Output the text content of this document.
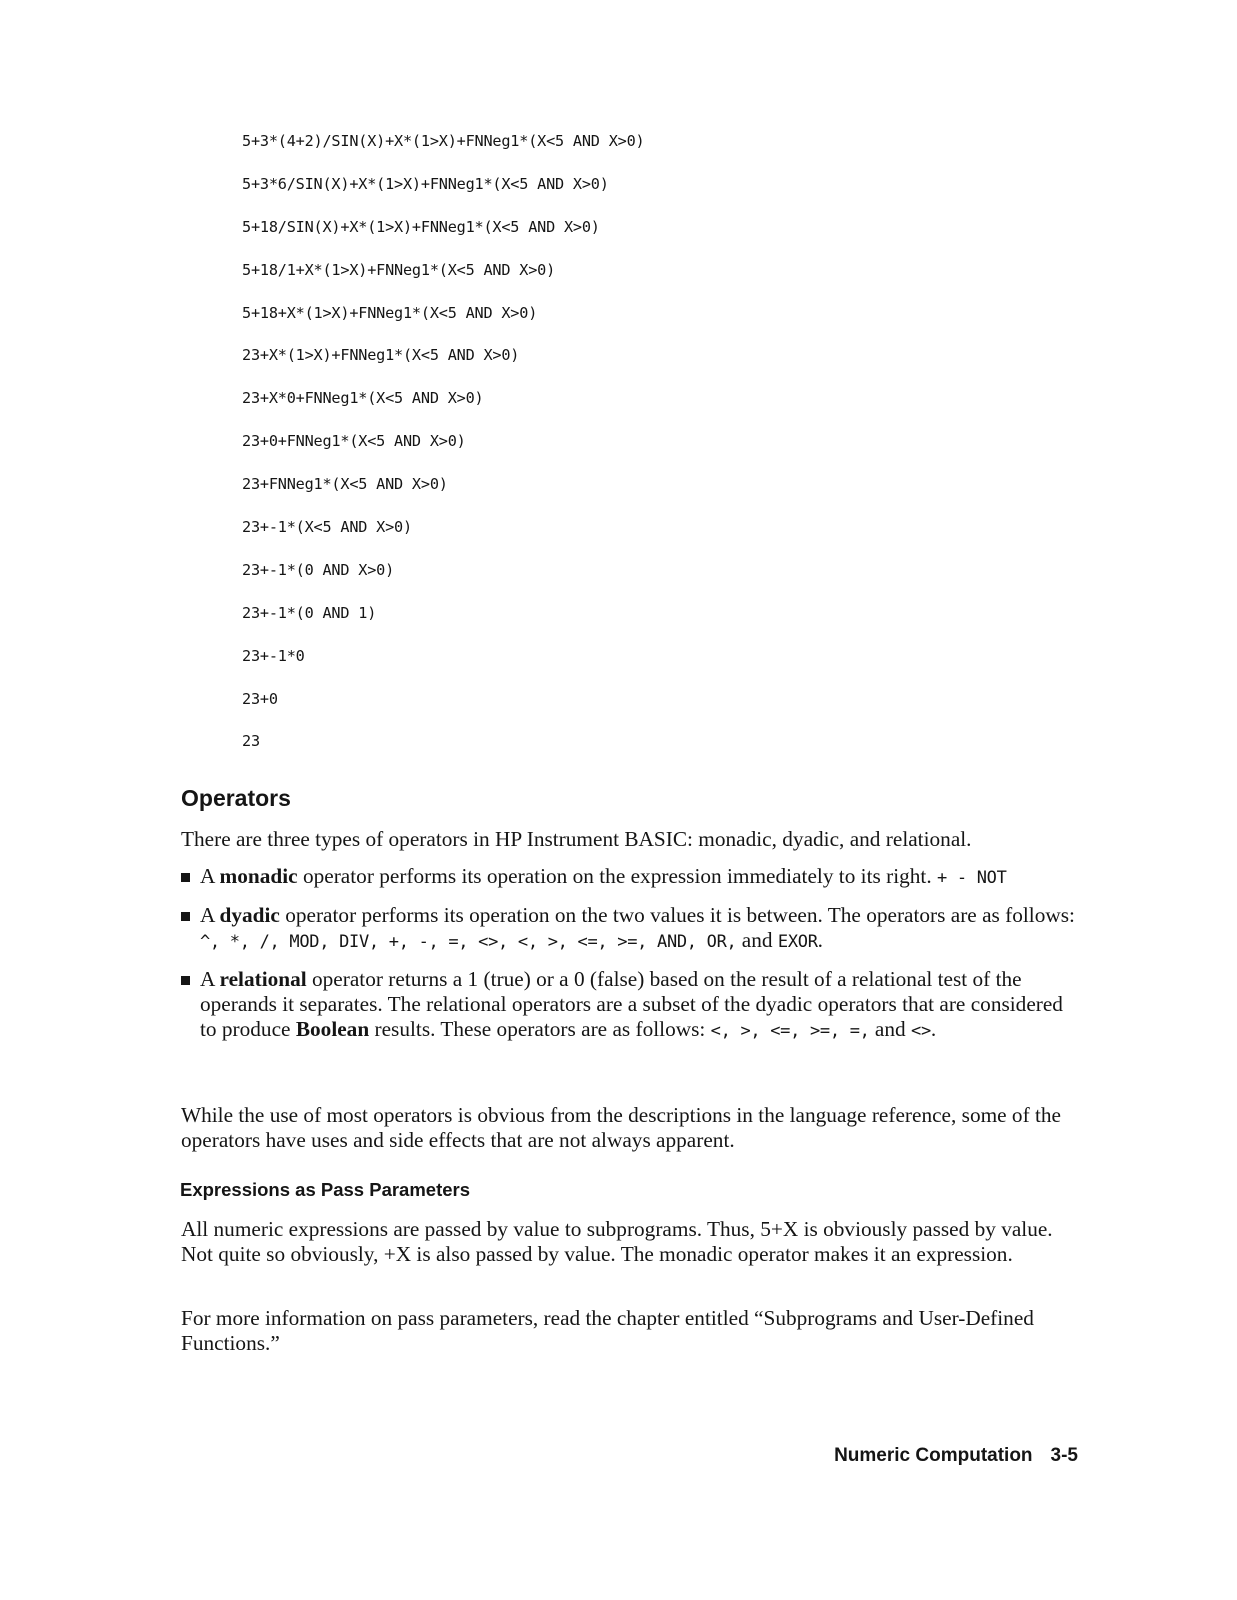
5+3*(4+2)/SIN(X)+X*(1>X)+FNNeg1*(X<5 AND X>0)
5+3*6/SIN(X)+X*(1>X)+FNNeg1*(X<5 AND X>0)
5+18/SIN(X)+X*(1>X)+FNNeg1*(X<5 AND X>0)
5+18/1+X*(1>X)+FNNeg1*(X<5 AND X>0)
5+18+X*(1>X)+FNNeg1*(X<5 AND X>0)
23+X*(1>X)+FNNeg1*(X<5 AND X>0)
23+X*0+FNNeg1*(X<5 AND X>0)
23+0+FNNeg1*(X<5 AND X>0)
23+FNNeg1*(X<5 AND X>0)
23+-1*(X<5 AND X>0)
23+-1*(0 AND X>0)
23+-1*(0 AND 1)
23+-1*0
23+0
23
Operators

There are three types of operators in HP Instrument BASIC: monadic, dyadic, and relational.

A monadic operator performs its operation on the expression immediately to its right. + - NOT
A dyadic operator performs its operation on the two values it is between. The operators are as follows: ^, *, /, MOD, DIV, +, -, =, <>, <, >, <=, >=, AND, OR, and EXOR.
A relational operator returns a 1 (true) or a 0 (false) based on the result of a relational test of the operands it separates. The relational operators are a subset of the dyadic operators that are considered to produce Boolean results. These operators are as follows: <, >, <=, >=, =, and <>.

While the use of most operators is obvious from the descriptions in the language reference, some of the operators have uses and side effects that are not always apparent.

Expressions as Pass Parameters

All numeric expressions are passed by value to subprograms. Thus, 5+X is obviously passed by value. Not quite so obviously, +X is also passed by value. The monadic operator makes it an expression.

For more information on pass parameters, read the chapter entitled “Subprograms and User-Defined Functions.”

Numeric Computation 3-5
